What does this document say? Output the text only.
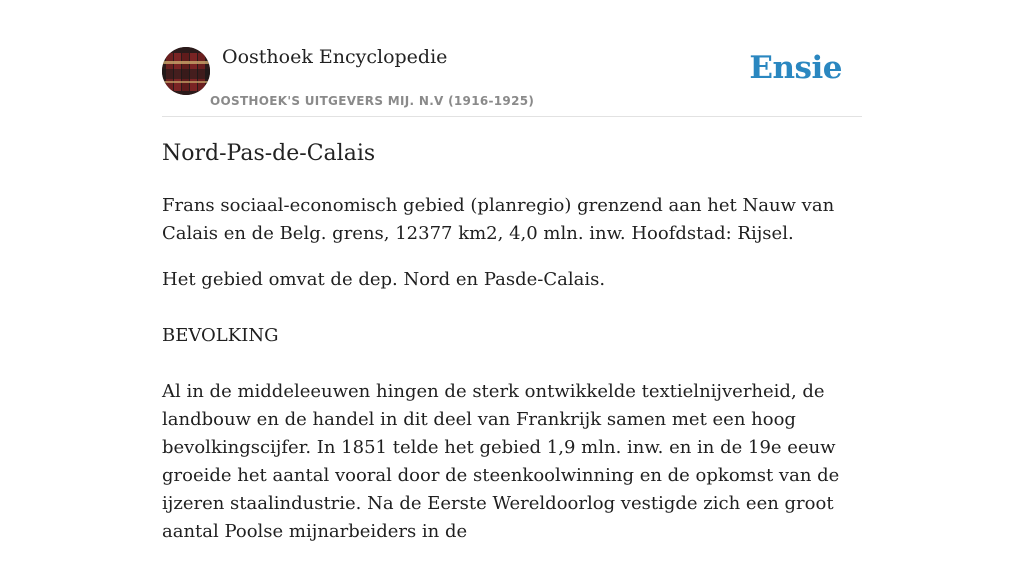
Oosthoek Encyclopedie
OOSTHOEK'S UITGEVERS MIJ. N.V (1916-1925)
Ensie
Nord-Pas-de-Calais

Frans sociaal-economisch gebied (planregio) grenzend aan het Nauw van Calais en de Belg. grens, 12377 km2, 4,0 mln. inw. Hoofdstad: Rijsel.

Het gebied omvat de dep. Nord en Pasde-Calais.

BEVOLKING

Al in de middeleeuwen hingen de sterk ontwikkelde textielnijverheid, de landbouw en de handel in dit deel van Frankrijk samen met een hoog bevolkingscijfer. In 1851 telde het gebied 1,9 mln. inw. en in de 19e eeuw groeide het aantal vooral door de steenkoolwinning en de opkomst van de ijzeren staalindustrie. Na de Eerste Wereldoorlog vestigde zich een groot aantal Poolse mijnarbeiders in de
